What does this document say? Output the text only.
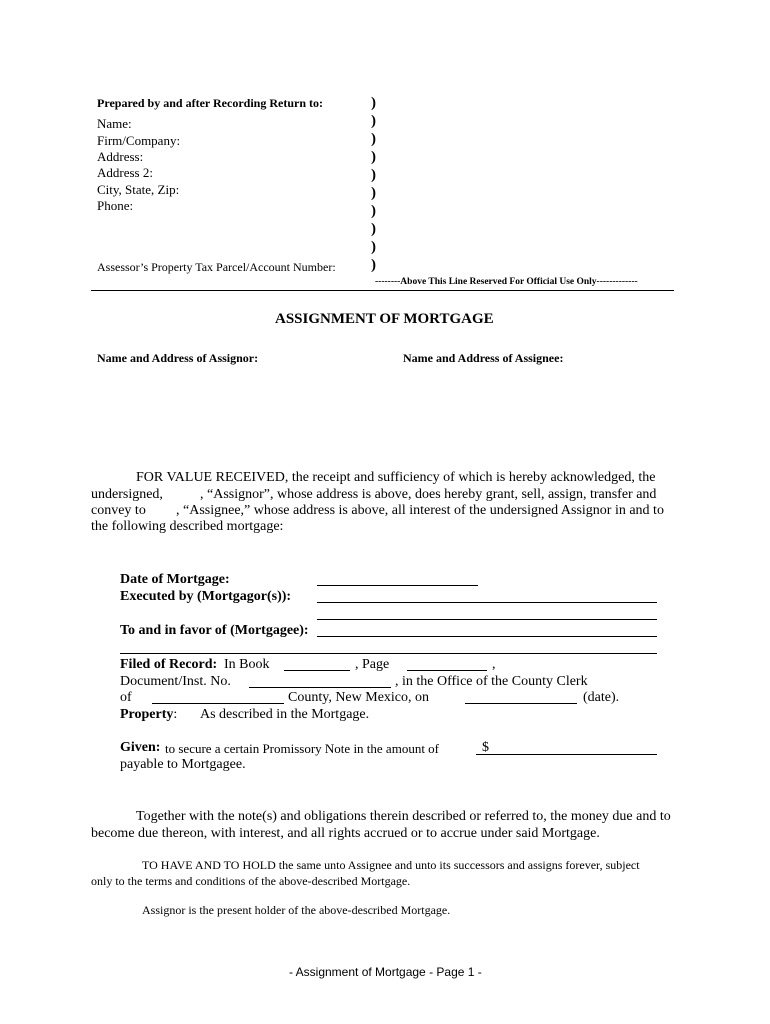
Prepared by and after Recording Return to:
Name:
Firm/Company:
Address:
Address 2:
City, State, Zip:
Phone:
Assessor’s Property Tax Parcel/Account Number:
)
)
)
)
)
)
)
)
)
)
--------Above This Line Reserved For Official Use Only-------------
ASSIGNMENT OF MORTGAGE
Name and Address of Assignor:	Name and Address of Assignee:
FOR VALUE RECEIVED, the receipt and sufficiency of which is hereby acknowledged, the
undersigned,	, “Assignor”, whose address is above, does hereby grant, sell, assign, transfer and
convey to , “Assignee,” whose address is above, all interest of the undersigned Assignor in and to
the following described mortgage:
Date of Mortgage:
Executed by (Mortgagor(s)):
To and in favor of (Mortgagee):
Filed of Record: In Book	, Page	,
Document/Inst. No.	, in the Office of the County Clerk
of	County, New Mexico, on	(date).
Property: As described in the Mortgage.
Given: to secure a certain Promissory Note in the amount of	$
payable to Mortgagee.
Together with the note(s) and obligations therein described or referred to, the money due and to
become due thereon, with interest, and all rights accrued or to accrue under said Mortgage.
TO HAVE AND TO HOLD the same unto Assignee and unto its successors and assigns forever, subject
only to the terms and conditions of the above-described Mortgage.
Assignor is the present holder of the above-described Mortgage.
- Assignment of Mortgage - Page 1 -
